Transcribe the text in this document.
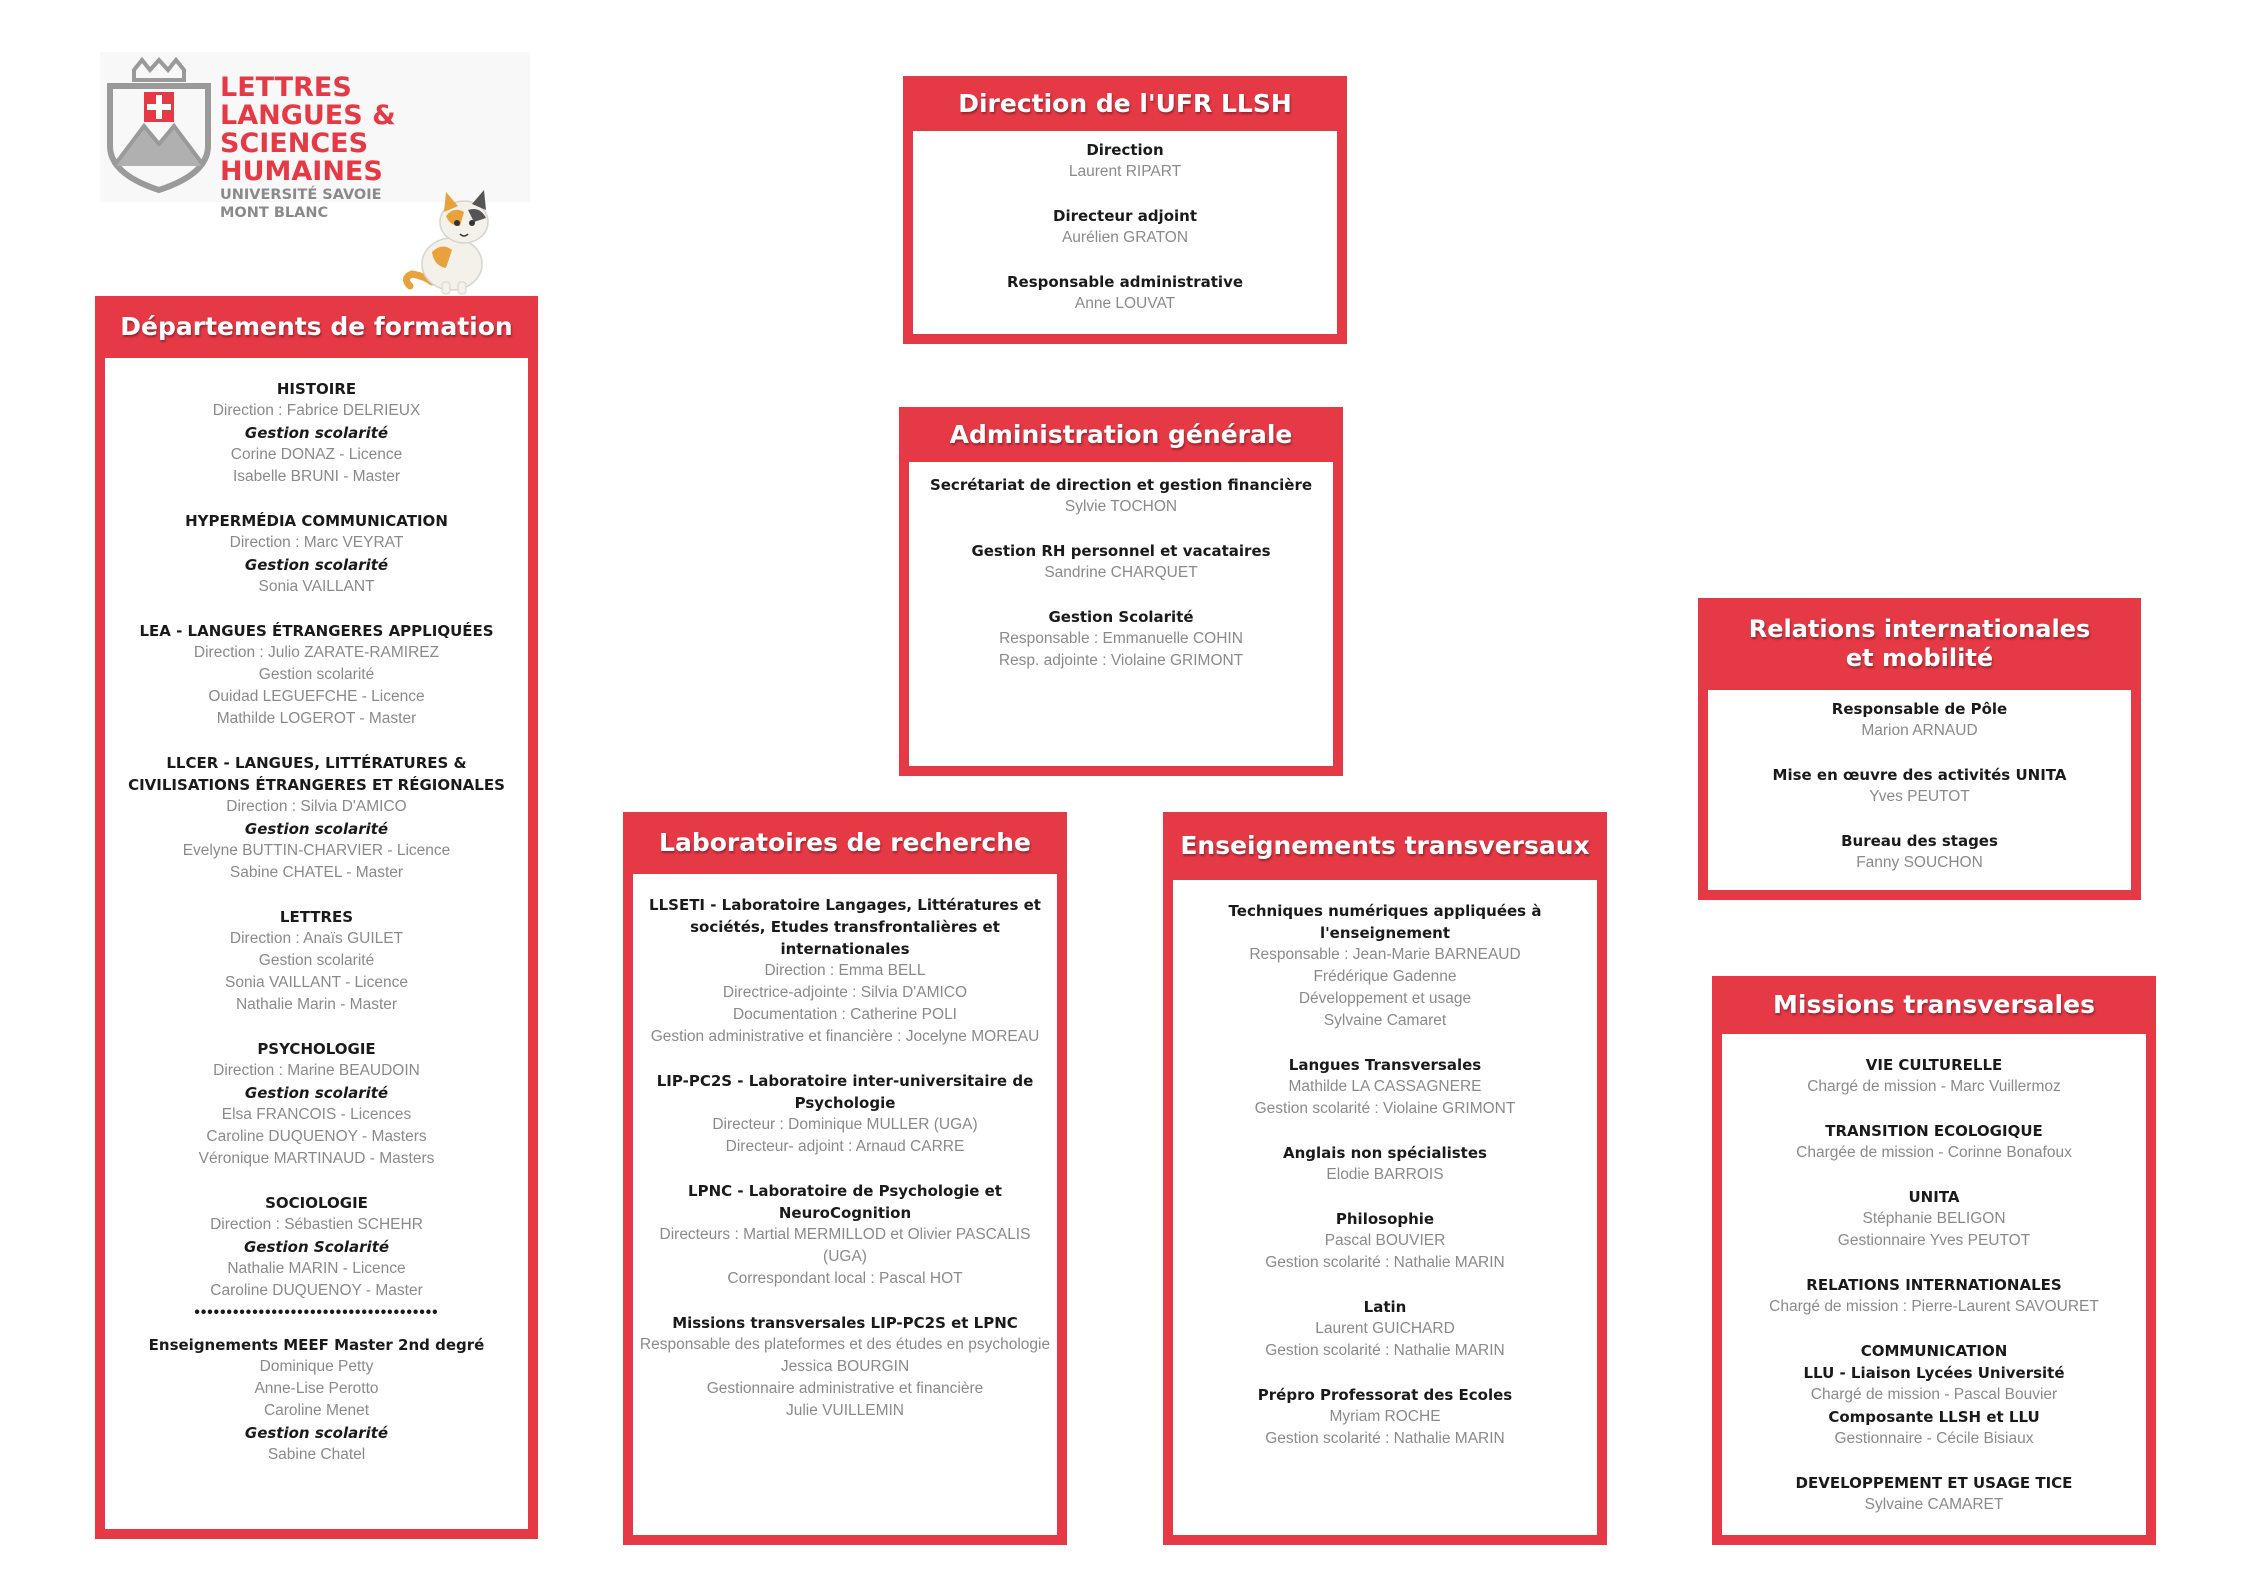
LETTRES
LANGUES &
SCIENCES HUMAINES
UNIVERSITÉ SAVOIE
MONT BLANC
Direction de l'UFR LLSH
Direction
Laurent RIPART
Directeur adjoint
Aurélien GRATON
Responsable administrative
Anne LOUVAT
Administration générale
Secrétariat de direction et gestion financière
Sylvie TOCHON
Gestion RH personnel et vacataires
Sandrine CHARQUET
Gestion Scolarité
Responsable : Emmanuelle COHIN
Resp. adjointe : Violaine GRIMONT
Départements de formation
HISTOIRE
Direction : Fabrice DELRIEUX
Gestion scolarité
Corine DONAZ - Licence
Isabelle BRUNI - Master
HYPERMÉDIA COMMUNICATION
Direction : Marc VEYRAT
Gestion scolarité
Sonia VAILLANT
LEA - LANGUES ÉTRANGERES APPLIQUÉES
Direction : Julio ZARATE-RAMIREZ
Gestion scolarité
Ouidad LEGUEFCHE - Licence
Mathilde LOGEROT - Master
LLCER - LANGUES, LITTÉRATURES & CIVILISATIONS ÉTRANGERES ET RÉGIONALES
Direction : Silvia D'AMICO
Gestion scolarité
Evelyne BUTTIN-CHARVIER - Licence
Sabine CHATEL - Master
LETTRES
Direction : Anaïs GUILET
Gestion scolarité
Sonia VAILLANT - Licence
Nathalie Marin - Master
PSYCHOLOGIE
Direction : Marine BEAUDOIN
Gestion scolarité
Elsa FRANCOIS - Licences
Caroline DUQUENOY - Masters
Véronique MARTINAUD - Masters
SOCIOLOGIE
Direction : Sébastien SCHEHR
Gestion Scolarité
Nathalie MARIN - Licence
Caroline DUQUENOY - Master
••••••••••••••••••••••••••••••••••••••
Enseignements MEEF Master 2nd degré
Dominique Petty
Anne-Lise Perotto
Caroline Menet
Gestion scolarité
Sabine Chatel
Laboratoires de recherche
LLSETI - Laboratoire Langages, Littératures et sociétés, Etudes transfrontalières et internationales
Direction : Emma BELL
Directrice-adjointe : Silvia D'AMICO
Documentation : Catherine POLI
Gestion administrative et financière : Jocelyne MOREAU
LIP-PC2S - Laboratoire inter-universitaire de Psychologie
Directeur : Dominique MULLER (UGA)
Directeur- adjoint : Arnaud CARRE
LPNC - Laboratoire de Psychologie et NeuroCognition
Directeurs : Martial MERMILLOD et Olivier PASCALIS (UGA)
Correspondant local : Pascal HOT
Missions transversales LIP-PC2S et LPNC
Responsable des plateformes et des études en psychologie
Jessica BOURGIN
Gestionnaire administrative et financière
Julie VUILLEMIN
Enseignements transversaux
Techniques numériques appliquées à l'enseignement
Responsable : Jean-Marie BARNEAUD
Frédérique Gadenne
Développement et usage
Sylvaine Camaret
Langues Transversales
Mathilde LA CASSAGNERE
Gestion scolarité : Violaine GRIMONT
Anglais non spécialistes
Elodie BARROIS
Philosophie
Pascal BOUVIER
Gestion scolarité : Nathalie MARIN
Latin
Laurent GUICHARD
Gestion scolarité : Nathalie MARIN
Prépro Professorat des Ecoles
Myriam ROCHE
Gestion scolarité : Nathalie MARIN
Relations internationales
et mobilité
Responsable de Pôle
Marion ARNAUD
Mise en œuvre des activités UNITA
Yves PEUTOT
Bureau des stages
Fanny SOUCHON
Missions transversales
VIE CULTURELLE
Chargé de mission - Marc Vuillermoz
TRANSITION ECOLOGIQUE
Chargée de mission - Corinne Bonafoux
UNITA
Stéphanie BELIGON
Gestionnaire Yves PEUTOT
RELATIONS INTERNATIONALES
Chargé de mission : Pierre-Laurent SAVOURET
COMMUNICATION
LLU - Liaison Lycées Université
Chargé de mission - Pascal Bouvier
Composante LLSH et LLU
Gestionnaire - Cécile Bisiaux
DEVELOPPEMENT ET USAGE TICE
Sylvaine CAMARET
